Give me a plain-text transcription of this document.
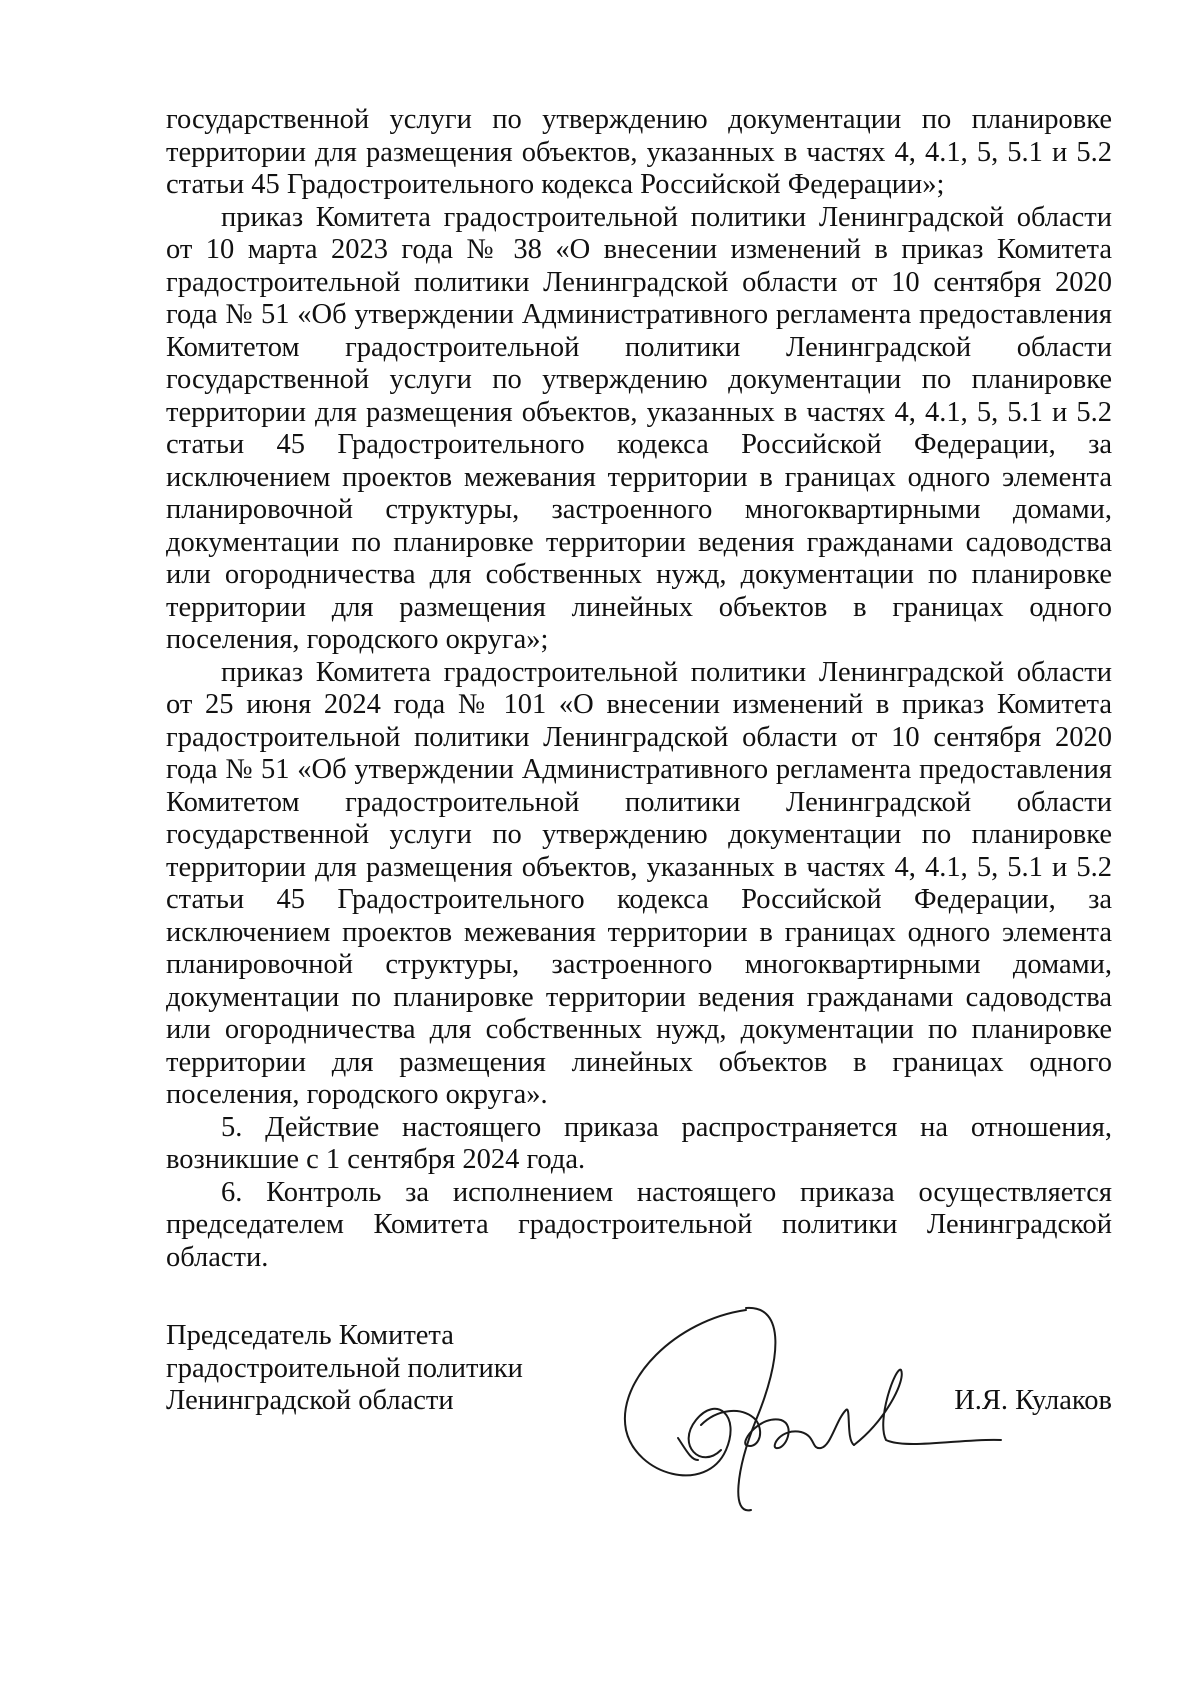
государственной услуги по утверждению документации по планировке территории для размещения объектов, указанных в частях 4, 4.1, 5, 5.1 и 5.2 статьи 45 Градостроительного кодекса Российской Федерации»;

приказ Комитета градостроительной политики Ленинградской области от 10 марта 2023 года № 38 «О внесении изменений в приказ Комитета градостроительной политики Ленинградской области от 10 сентября 2020 года № 51 «Об утверждении Административного регламента предоставления Комитетом градостроительной политики Ленинградской области государственной услуги по утверждению документации по планировке территории для размещения объектов, указанных в частях 4, 4.1, 5, 5.1 и 5.2 статьи 45 Градостроительного кодекса Российской Федерации, за исключением проектов межевания территории в границах одного элемента планировочной структуры, застроенного многоквартирными домами, документации по планировке территории ведения гражданами садоводства или огородничества для собственных нужд, документации по планировке территории для размещения линейных объектов в границах одного поселения, городского округа»;

приказ Комитета градостроительной политики Ленинградской области от 25 июня 2024 года № 101 «О внесении изменений в приказ Комитета градостроительной политики Ленинградской области от 10 сентября 2020 года № 51 «Об утверждении Административного регламента предоставления Комитетом градостроительной политики Ленинградской области государственной услуги по утверждению документации по планировке территории для размещения объектов, указанных в частях 4, 4.1, 5, 5.1 и 5.2 статьи 45 Градостроительного кодекса Российской Федерации, за исключением проектов межевания территории в границах одного элемента планировочной структуры, застроенного многоквартирными домами, документации по планировке территории ведения гражданами садоводства или огородничества для собственных нужд, документации по планировке территории для размещения линейных объектов в границах одного поселения, городского округа».

5. Действие настоящего приказа распространяется на отношения, возникшие с 1 сентября 2024 года.

6. Контроль за исполнением настоящего приказа осуществляется председателем Комитета градостроительной политики Ленинградской области.

Председатель Комитета
градостроительной политики
Ленинградской области	И.Я. Кулаков
